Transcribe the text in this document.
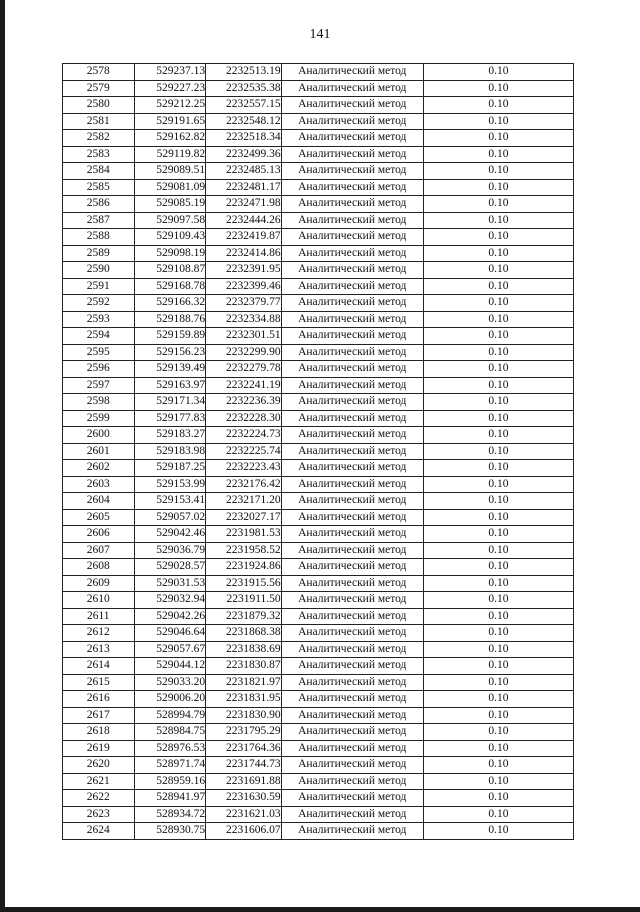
141
2578	529237.13	2232513.19	Аналитический метод	0.10
2579	529227.23	2232535.38	Аналитический метод	0.10
2580	529212.25	2232557.15	Аналитический метод	0.10
2581	529191.65	2232548.12	Аналитический метод	0.10
2582	529162.82	2232518.34	Аналитический метод	0.10
2583	529119.82	2232499.36	Аналитический метод	0.10
2584	529089.51	2232485.13	Аналитический метод	0.10
2585	529081.09	2232481.17	Аналитический метод	0.10
2586	529085.19	2232471.98	Аналитический метод	0.10
2587	529097.58	2232444.26	Аналитический метод	0.10
2588	529109.43	2232419.87	Аналитический метод	0.10
2589	529098.19	2232414.86	Аналитический метод	0.10
2590	529108.87	2232391.95	Аналитический метод	0.10
2591	529168.78	2232399.46	Аналитический метод	0.10
2592	529166.32	2232379.77	Аналитический метод	0.10
2593	529188.76	2232334.88	Аналитический метод	0.10
2594	529159.89	2232301.51	Аналитический метод	0.10
2595	529156.23	2232299.90	Аналитический метод	0.10
2596	529139.49	2232279.78	Аналитический метод	0.10
2597	529163.97	2232241.19	Аналитический метод	0.10
2598	529171.34	2232236.39	Аналитический метод	0.10
2599	529177.83	2232228.30	Аналитический метод	0.10
2600	529183.27	2232224.73	Аналитический метод	0.10
2601	529183.98	2232225.74	Аналитический метод	0.10
2602	529187.25	2232223.43	Аналитический метод	0.10
2603	529153.99	2232176.42	Аналитический метод	0.10
2604	529153.41	2232171.20	Аналитический метод	0.10
2605	529057.02	2232027.17	Аналитический метод	0.10
2606	529042.46	2231981.53	Аналитический метод	0.10
2607	529036.79	2231958.52	Аналитический метод	0.10
2608	529028.57	2231924.86	Аналитический метод	0.10
2609	529031.53	2231915.56	Аналитический метод	0.10
2610	529032.94	2231911.50	Аналитический метод	0.10
2611	529042.26	2231879.32	Аналитический метод	0.10
2612	529046.64	2231868.38	Аналитический метод	0.10
2613	529057.67	2231838.69	Аналитический метод	0.10
2614	529044.12	2231830.87	Аналитический метод	0.10
2615	529033.20	2231821.97	Аналитический метод	0.10
2616	529006.20	2231831.95	Аналитический метод	0.10
2617	528994.79	2231830.90	Аналитический метод	0.10
2618	528984.75	2231795.29	Аналитический метод	0.10
2619	528976.53	2231764.36	Аналитический метод	0.10
2620	528971.74	2231744.73	Аналитический метод	0.10
2621	528959.16	2231691.88	Аналитический метод	0.10
2622	528941.97	2231630.59	Аналитический метод	0.10
2623	528934.72	2231621.03	Аналитический метод	0.10
2624	528930.75	2231606.07	Аналитический метод	0.10
